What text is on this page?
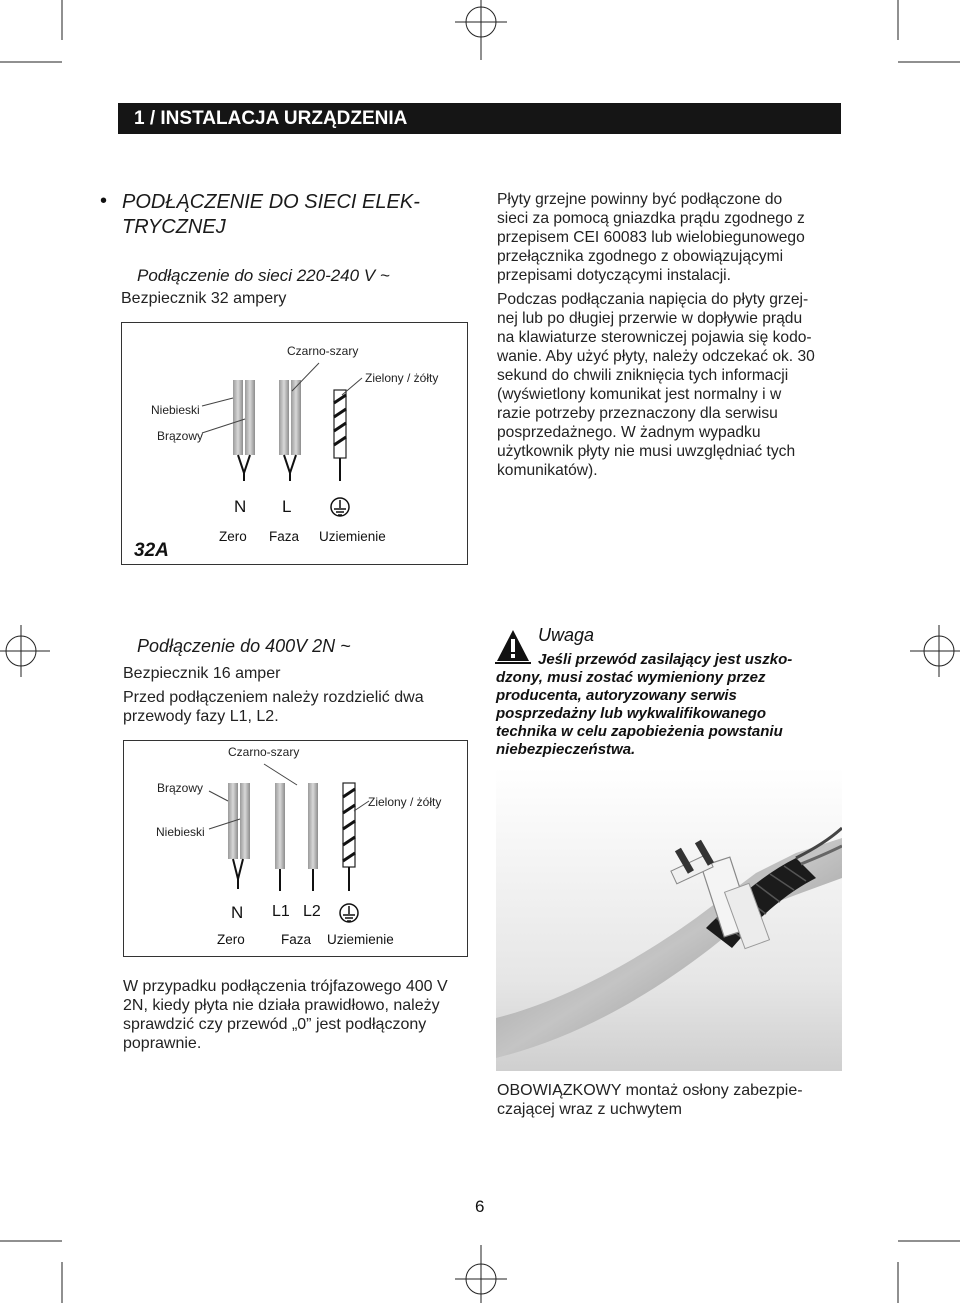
1 / INSTALACJA URZĄDZENIA
• PODŁĄCZENIE DO SIECI ELEK-
TRYCZNEJ
Podłączenie do sieci 220-240 V ~
Bezpiecznik 32 ampery
Czarno-szary
Zielony / żółty
Niebieski
Brązowy
N L
Zero Faza Uziemienie
32A
Płyty grzejne powinny być podłączone do
sieci za pomocą gniazdka prądu zgodnego z
przepisem CEI 60083 lub wielobiegunowego
przełącznika zgodnego z obowiązującymi
przepisami dotyczącymi instalacji.
Podczas podłączania napięcia do płyty grzej-
nej lub po długiej przerwie w dopływie prądu
na klawiaturze sterowniczej pojawia się kodo-
wanie. Aby użyć płyty, należy odczekać ok. 30
sekund do chwili zniknięcia tych informacji
(wyświetlony komunikat jest normalny i w
razie potrzeby przeznaczony dla serwisu
posprzedażnego. W żadnym wypadku
użytkownik płyty nie musi uwzględniać tych
komunikatów).
Podłączenie do 400V 2N ~
Bezpiecznik 16 amper
Przed podłączeniem należy rozdzielić dwa
przewody fazy L1, L2.
Czarno-szary
Brązowy
Zielony / żółty
Niebieski
N L1 L2
Zero	Faza Uziemienie
Uwaga
Jeśli przewód zasilający jest uszko-
dzony, musi zostać wymieniony przez
producenta, autoryzowany serwis
posprzedażny lub wykwalifikowanego
technika w celu zapobieżenia powstaniu
niebezpieczeństwa.
W przypadku podłączenia trójfazowego 400 V
2N, kiedy płyta nie działa prawidłowo, należy
sprawdzić czy przewód „0” jest podłączony
poprawnie.
OBOWIĄZKOWY montaż osłony zabezpie-
czającej wraz z uchwytem
6
